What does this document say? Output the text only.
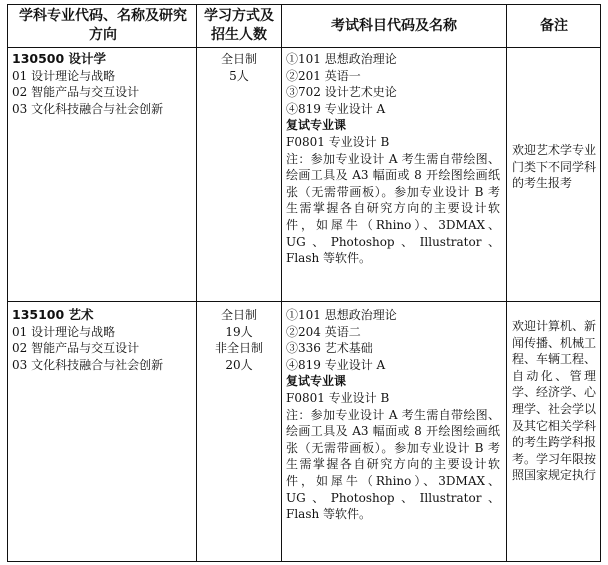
学科专业代码、名称及研究方向
学习方式及招生人数
考试科目代码及名称	备注
130500 设计学
01 设计理论与战略
02 智能产品与交互设计
03 文化科技融合与社会创新
全日制
5人
①101 思想政治理论
②201 英语一
③702 设计艺术史论
④819 专业设计 A
复试专业课
F0801 专业设计 B
注：参加专业设计 A 考生需自带绘图、绘画工具及 A3 幅面或 8 开绘图绘画纸张（无需带画板）。参加专业设计 B 考生需掌握各自研究方向的主要设计软件，如犀牛（Rhino）、3DMAX、UG、Photoshop、Illustrator、Flash 等软件。
欢迎艺术学专业门类下不同学科的考生报考
135100 艺术
01 设计理论与战略
02 智能产品与交互设计
03 文化科技融合与社会创新
全日制
19人
非全日制
20人
①101 思想政治理论
②204 英语二
③336 艺术基础
④819 专业设计 A
复试专业课
F0801 专业设计 B
注：参加专业设计 A 考生需自带绘图、绘画工具及 A3 幅面或 8 开绘图绘画纸张（无需带画板）。参加专业设计 B 考生需掌握各自研究方向的主要设计软件，如犀牛（Rhino）、3DMAX、UG、Photoshop、Illustrator、Flash 等软件。
欢迎计算机、新闻传播、机械工程、车辆工程、自动化、管理学、经济学、心理学、社会学以及其它相关学科的考生跨学科报考。学习年限按照国家规定执行
